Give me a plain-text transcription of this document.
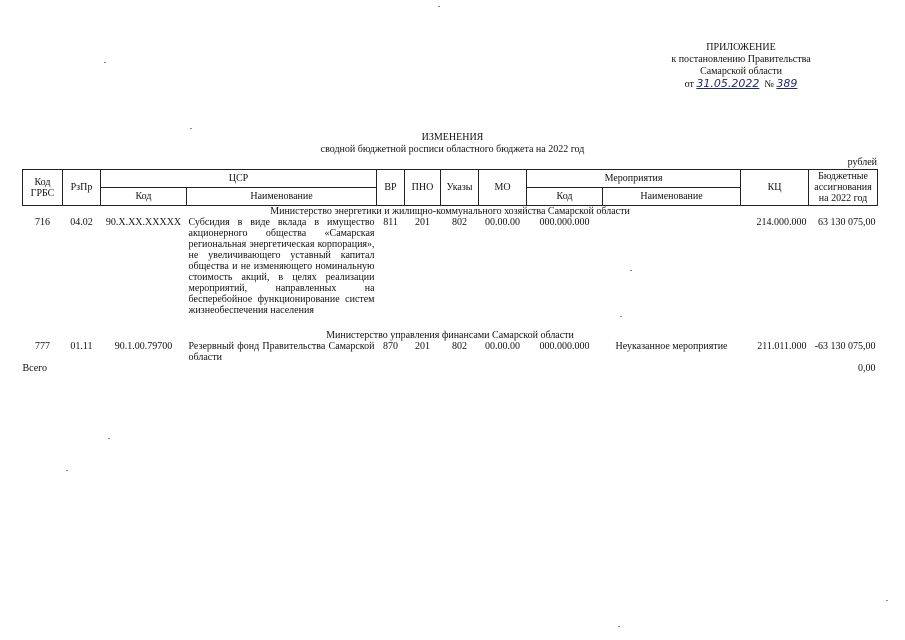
ПРИЛОЖЕНИЕ
к постановлению Правительства
Самарской области
от 31.05.2022 № 389
ИЗМЕНЕНИЯ
сводной бюджетной росписи областного бюджета на 2022 год
рублей
Код ГРБС	РзПр	ЦСР		ВР	ПНО	Указы	МО	Мероприятия		КЦ	Бюджетные ассигнования на 2022 год
		Код	Наименование					Код	Наименование		
Министерство энергетики и жилищно-коммунального хозяйства Самарской области											
716	04.02	90.X.XX.XXXXX	Субсидия в виде вклада в имущество акционерного общества «Самарская региональная энергетическая корпорация», не увеличивающего уставный капитал общества и не изменяющего номинальную стоимость акций, в целях реализации мероприятий, направленных на бесперебойное функционирование систем жизнеобеспечения населения	811	201	802	00.00.00	000.000.000		214.000.000	63 130 075,00

Министерство управления финансами Самарской области											
777	01.11	90.1.00.79700	Резервный фонд Правительства Самарской области	870	201	802	00.00.00	000.000.000	Неуказанное мероприятие	211.011.000	-63 130 075,00
Всего											0,00
